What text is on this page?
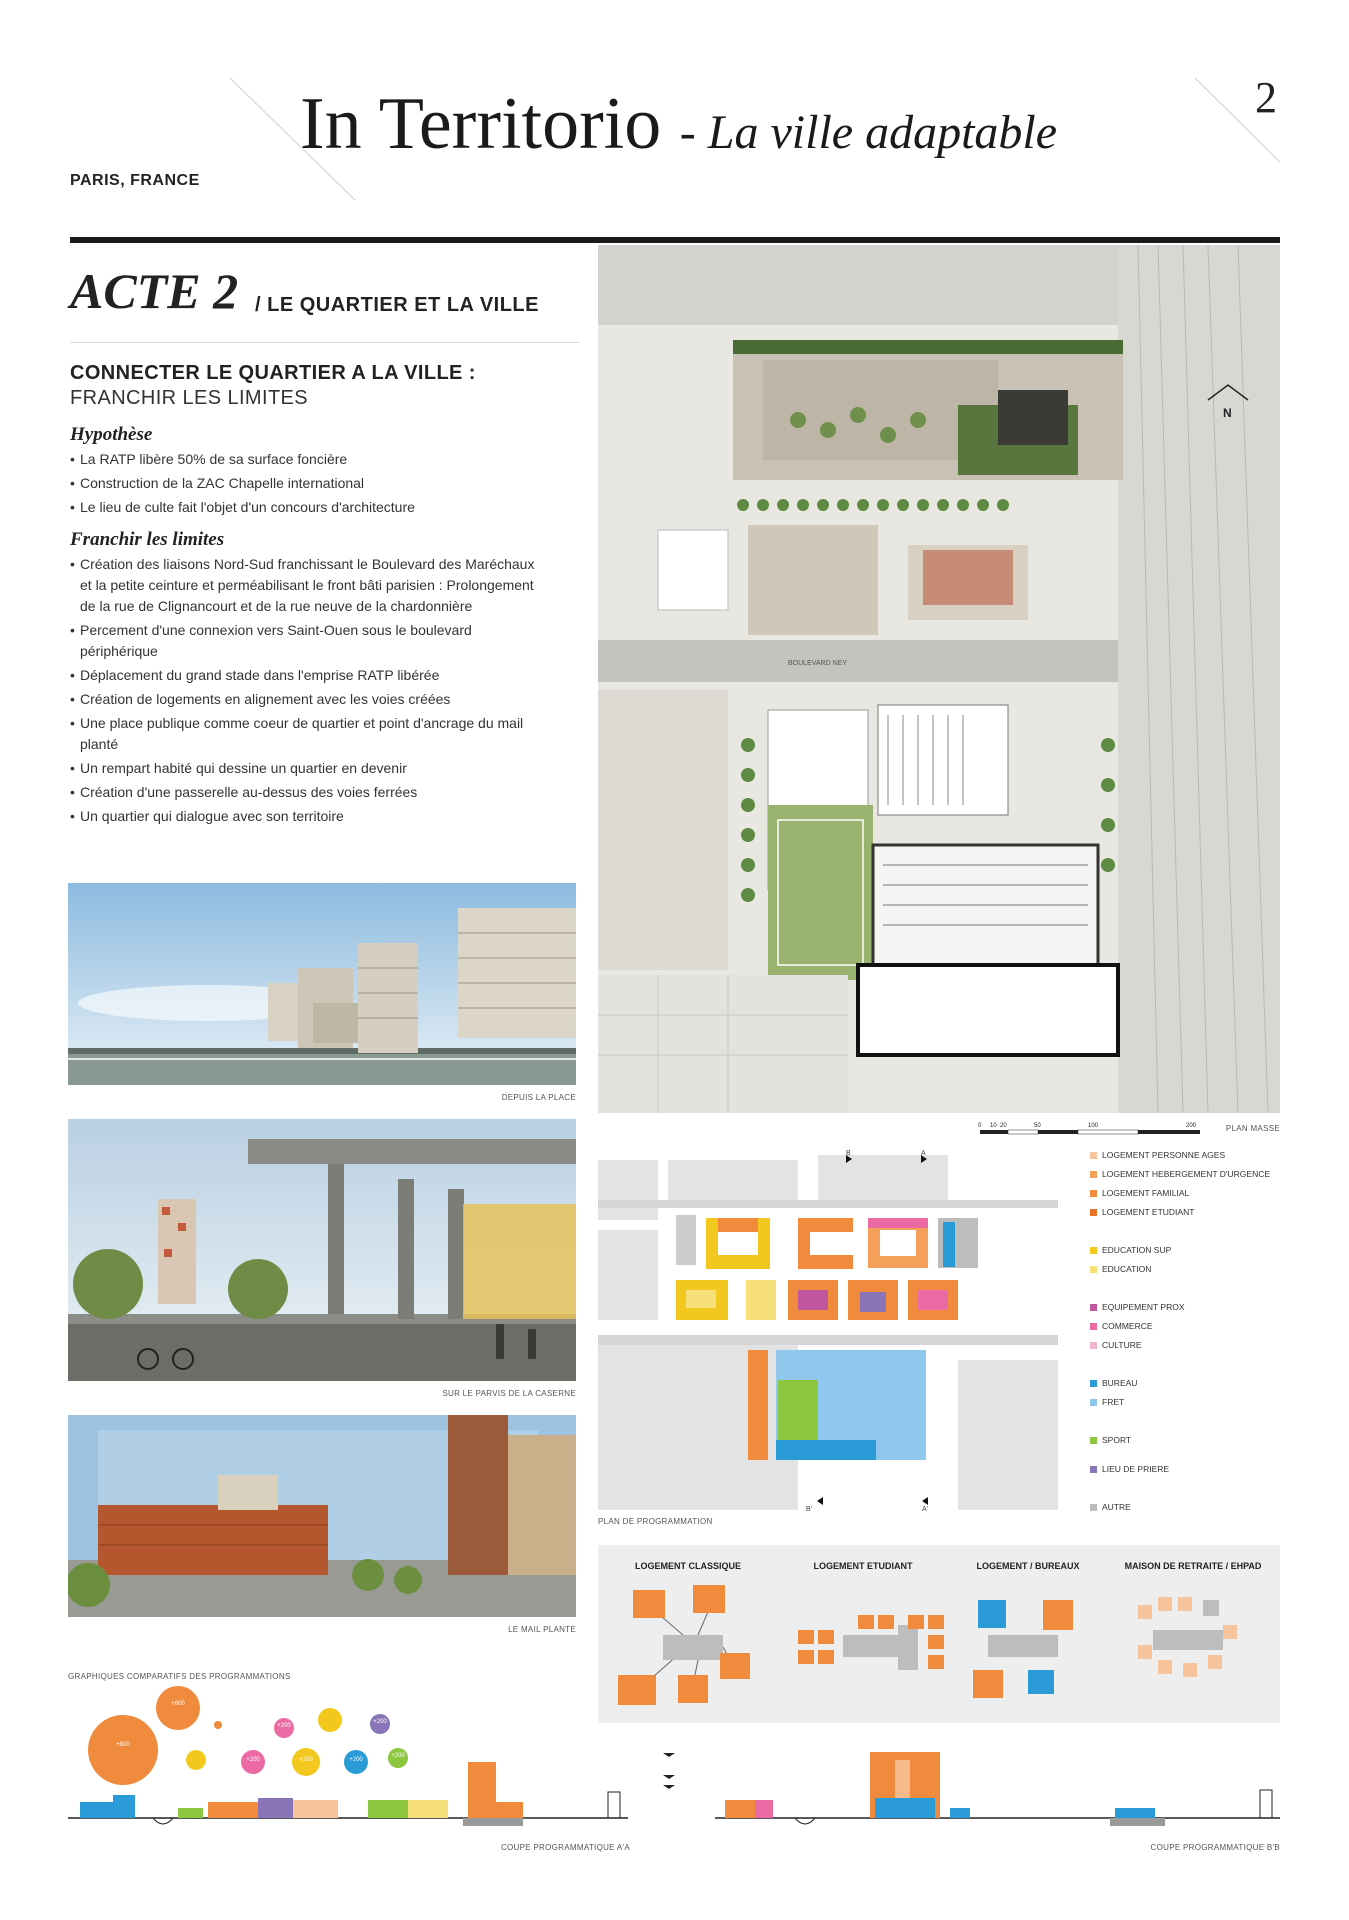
In Territorio - La ville adaptable
2
PARIS, FRANCE
ACTE 2 / LE QUARTIER ET LA VILLE
CONNECTER LE QUARTIER A LA VILLE :
FRANCHIR LES LIMITES
Hypothèse
• La RATP libère 50% de sa surface foncière
• Construction de la ZAC Chapelle international
• Le lieu de culte fait l'objet d'un concours d'architecture
Franchir les limites
• Création des liaisons Nord-Sud franchissant le Boulevard des Maréchaux et la petite ceinture et perméabilisant le front bâti parisien : Prolongement de la rue de Clignancourt et de la rue neuve de la chardonnière
• Percement d'une connexion vers Saint-Ouen sous le boulevard périphérique
• Déplacement du grand stade dans l'emprise RATP libérée
• Création de logements en alignement avec les voies créées
• Une place publique comme coeur de quartier et point d'ancrage du mail planté
• Un rempart habité qui dessine un quartier en devenir
• Création d'une passerelle au-dessus des voies ferrées
• Un quartier qui dialogue avec son territoire
DEPUIS LA PLACE
SUR LE PARVIS DE LA CASERNE
LE MAIL PLANTE
BOULEVARD NEY
N
0 10 20	50	100	200	PLAN MASSE
B	A
B'	A'
PLAN DE PROGRAMMATION
LOGEMENT PERSONNE AGES
LOGEMENT HEBERGEMENT D'URGENCE
LOGEMENT FAMILIAL
LOGEMENT ETUDIANT
EDUCATION SUP
EDUCATION
EQUIPEMENT PROX
COMMERCE
CULTURE
BUREAU
FRET
SPORT
LIEU DE PRIERE
AUTRE
LOGEMENT CLASSIQUE	LOGEMENT ETUDIANT	LOGEMENT / BUREAUX	MAISON DE RETRAITE / EHPAD
GRAPHIQUES COMPARATIFS DES PROGRAMMATIONS
+800
+800
+200
+200	+200	+200
+200
+200
COUPE PROGRAMMATIQUE A'A	COUPE PROGRAMMATIQUE B'B
